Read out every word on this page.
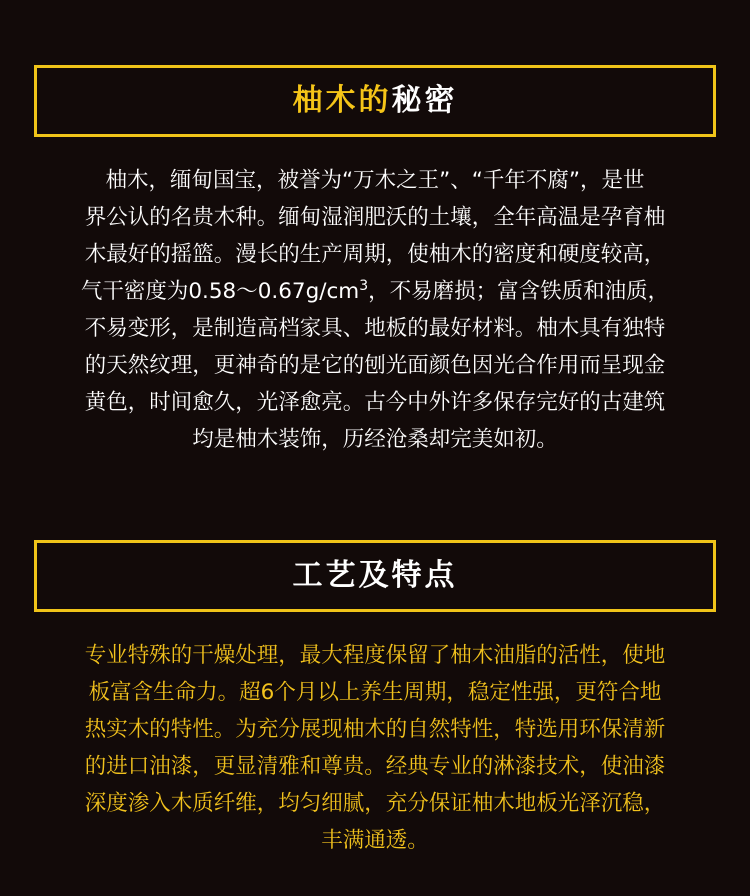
柚木的秘密

柚木，缅甸国宝，被誉为“万木之王”、“千年不腐”，是世
界公认的名贵木种。缅甸湿润肥沃的土壤，全年高温是孕育柚
木最好的摇篮。漫长的生产周期，使柚木的密度和硬度较高，
气干密度为$0.58\sim 0.67g/cm^3$，不易磨损；富含铁质和油质，
不易变形，是制造高档家具、地板的最好材料。柚木具有独特
的天然纹理，更神奇的是它的刨光面颜色因光合作用而呈现金
黄色，时间愈久，光泽愈亮。古今中外许多保存完好的古建筑
均是柚木装饰，历经沧桑却完美如初。

工艺及特点

专业特殊的干燥处理，最大程度保留了柚木油脂的活性，使地
板富含生命力。超6个月以上养生周期，稳定性强，更符合地
热实木的特性。为充分展现柚木的自然特性，特选用环保清新
的进口油漆，更显清雅和尊贵。经典专业的淋漆技术，使油漆
深度渗入木质纤维，均匀细腻，充分保证柚木地板光泽沉稳，
丰满通透。
